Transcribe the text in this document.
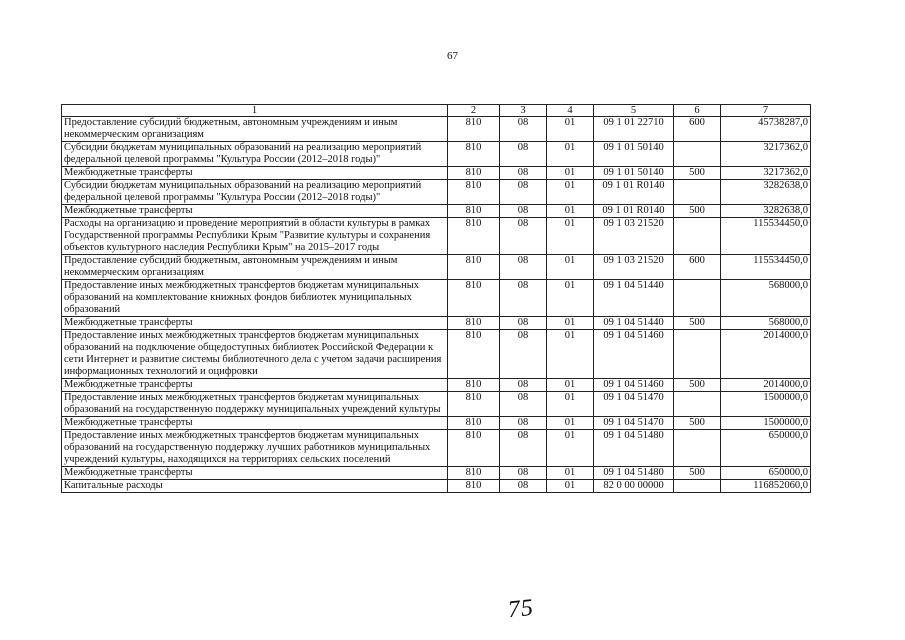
67
1	2	3	4	5	6	7
Предоставление субсидий бюджетным, автономным учреждениям и иным некоммерческим организациям	810	08	01	09 1 01 22710	600	45738287,0
Субсидии бюджетам муниципальных образований на реализацию мероприятий федеральной целевой программы "Культура России (2012–2018 годы)"	810	08	01	09 1 01 50140		3217362,0
Межбюджетные трансферты	810	08	01	09 1 01 50140	500	3217362,0
Субсидии бюджетам муниципальных образований на реализацию мероприятий федеральной целевой программы "Культура России (2012–2018 годы)"	810	08	01	09 1 01 R0140		3282638,0
Межбюджетные трансферты	810	08	01	09 1 01 R0140	500	3282638,0
Расходы на организацию и проведение мероприятий в области культуры в рамках Государственной программы Республики Крым "Развитие культуры и сохранения объектов культурного наследия Республики Крым" на 2015–2017 годы	810	08	01	09 1 03 21520		115534450,0
Предоставление субсидий бюджетным, автономным учреждениям и иным некоммерческим организациям	810	08	01	09 1 03 21520	600	115534450,0
Предоставление иных межбюджетных трансфертов бюджетам муниципальных образований на комплектование книжных фондов библиотек муниципальных образований	810	08	01	09 1 04 51440		568000,0
Межбюджетные трансферты	810	08	01	09 1 04 51440	500	568000,0
Предоставление иных межбюджетных трансфертов бюджетам муниципальных образований на подключение общедоступных библиотек Российской Федерации к сети Интернет и развитие системы библиотечного дела с учетом задачи расширения информационных технологий и оцифровки	810	08	01	09 1 04 51460		2014000,0
Межбюджетные трансферты	810	08	01	09 1 04 51460	500	2014000,0
Предоставление иных межбюджетных трансфертов бюджетам муниципальных образований на государственную поддержку муниципальных учреждений культуры	810	08	01	09 1 04 51470		1500000,0
Межбюджетные трансферты	810	08	01	09 1 04 51470	500	1500000,0
Предоставление иных межбюджетных трансфертов бюджетам муниципальных образований на государственную поддержку лучших работников муниципальных учреждений культуры, находящихся на территориях сельских поселений	810	08	01	09 1 04 51480		650000,0
Межбюджетные трансферты	810	08	01	09 1 04 51480	500	650000,0
Капитальные расходы	810	08	01	82 0 00 00000		116852060,0
75
